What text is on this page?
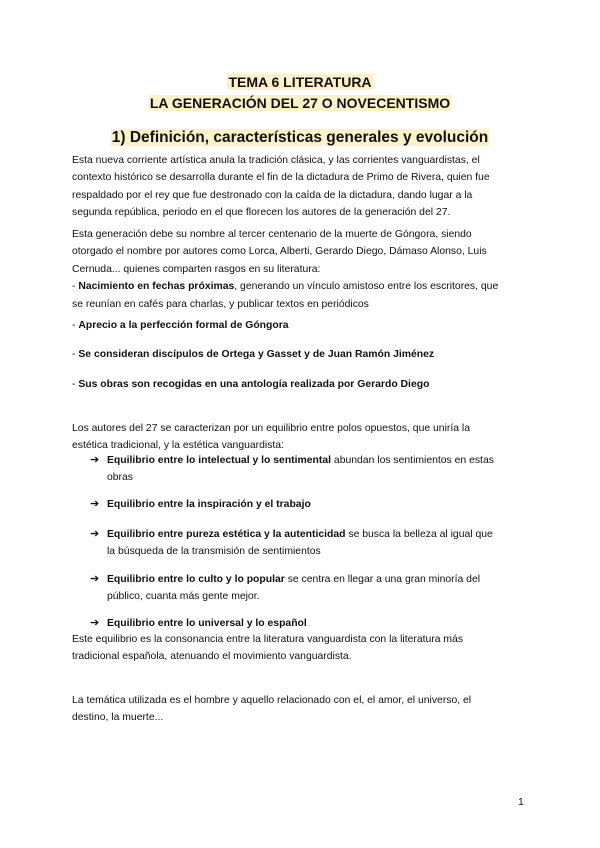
TEMA 6 LITERATURA
LA GENERACIÓN DEL 27 O NOVECENTISMO
1) Definición, características generales y evolución
Esta nueva corriente artística anula la tradición clásica, y las corrientes vanguardistas, el
contexto histórico se desarrolla durante el fin de la dictadura de Primo de Rivera, quien fue
respaldado por el rey que fue destronado con la caída de la dictadura, dando lugar a la
segunda república, periodo en el que florecen los autores de la generación del 27.
Esta generación debe su nombre al tercer centenario de la muerte de Góngora, siendo
otorgado el nombre por autores como Lorca, Alberti, Gerardo Diego, Dámaso Alonso, Luis
Cernuda... quienes comparten rasgos en su literatura:
- Nacimiento en fechas próximas, generando un vínculo amistoso entre los escritores, que
se reunían en cafés para charlas, y publicar textos en periódicos
- Aprecio a la perfección formal de Góngora
- Se consideran discípulos de Ortega y Gasset y de Juan Ramón Jiménez
- Sus obras son recogidas en una antología realizada por Gerardo Diego
Los autores del 27 se caracterizan por un equilibrio entre polos opuestos, que uniría la
estética tradicional, y la estética vanguardista:
➔ Equilibrio entre lo intelectual y lo sentimental abundan los sentimientos en estas
obras
➔ Equilibrio entre la inspiración y el trabajo
➔ Equilibrio entre pureza estética y la autenticidad se busca la belleza al igual que
la búsqueda de la transmisión de sentimientos
➔ Equilibrio entre lo culto y lo popular se centra en llegar a una gran minoría del
público, cuanta más gente mejor.
➔ Equilibrio entre lo universal y lo español
Este equilibrio es la consonancia entre la literatura vanguardista con la literatura más
tradicional española, atenuando el movimiento vanguardista.
La temática utilizada es el hombre y aquello relacionado con el, el amor, el universo, el
destino, la muerte...
1
